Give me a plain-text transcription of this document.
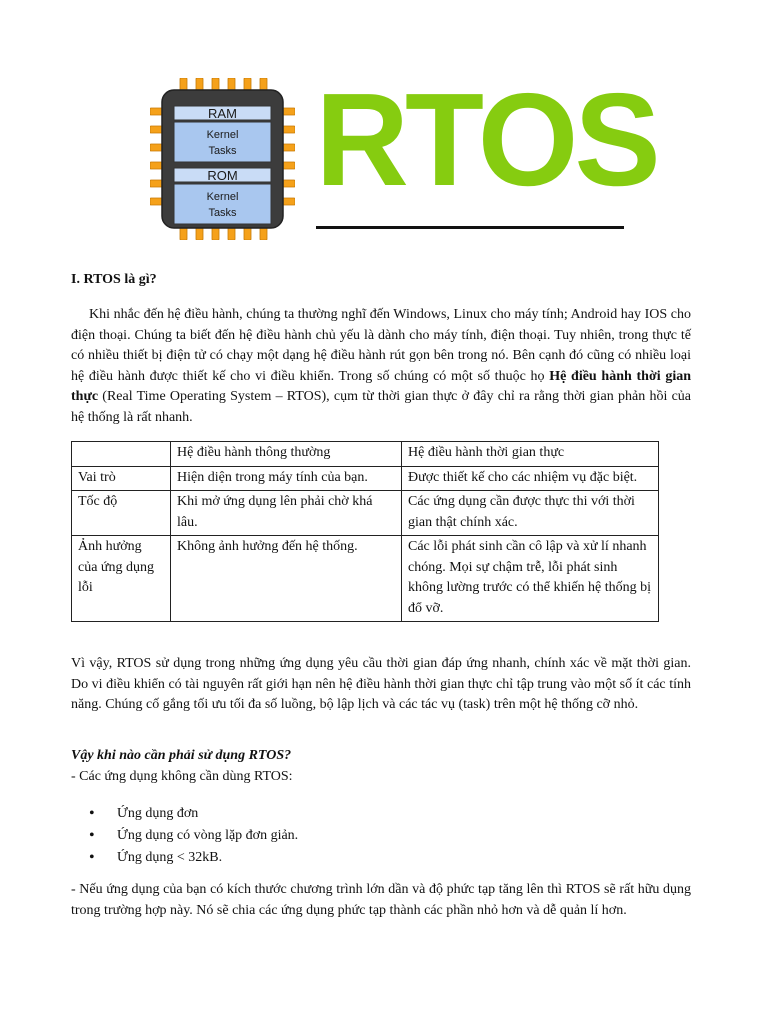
RAM
Kernel
Tasks
ROM
Kernel
Tasks RTOS
I. RTOS là gì?
Khi nhắc đến hệ điều hành, chúng ta thường nghĩ đến Windows, Linux cho máy tính; Android hay IOS cho điện thoại. Chúng ta biết đến hệ điều hành chủ yếu là dành cho máy tính, điện thoại. Tuy nhiên, trong thực tế có nhiều thiết bị điện tử có chạy một dạng hệ điều hành rút gọn bên trong nó. Bên cạnh đó cũng có nhiều loại hệ điều hành được thiết kế cho vi điều khiển. Trong số chúng có một số thuộc họ Hệ điều hành thời gian thực (Real Time Operating System – RTOS), cụm từ thời gian thực ở đây chỉ ra rằng thời gian phản hồi của hệ thống là rất nhanh.
	Hệ điều hành thông thường	Hệ điều hành thời gian thực
Vai trò	Hiện diện trong máy tính của bạn.	Được thiết kế cho các nhiệm vụ đặc biệt.
Tốc độ	Khi mở ứng dụng lên phải chờ khá lâu.	Các ứng dụng cần được thực thi với thời gian thật chính xác.
Ảnh hưởng của ứng dụng lỗi	Không ảnh hưởng đến hệ thống.	Các lỗi phát sinh cần cô lập và xử lí nhanh chóng. Mọi sự chậm trễ, lỗi phát sinh không lường trước có thể khiến hệ thống bị đổ vỡ.
Vì vậy, RTOS sử dụng trong những ứng dụng yêu cầu thời gian đáp ứng nhanh, chính xác về mặt thời gian. Do vi điều khiển có tài nguyên rất giới hạn nên hệ điều hành thời gian thực chỉ tập trung vào một số ít các tính năng. Chúng cố gắng tối ưu tối đa số luồng, bộ lập lịch và các tác vụ (task) trên một hệ thống cỡ nhỏ.
Vậy khi nào cần phải sử dụng RTOS?
- Các ứng dụng không cần dùng RTOS:
• Ứng dụng đơn
• Ứng dụng có vòng lặp đơn giản.
• Ứng dụng < 32kB.
- Nếu ứng dụng của bạn có kích thước chương trình lớn dần và độ phức tạp tăng lên thì RTOS sẽ rất hữu dụng trong trường hợp này. Nó sẽ chia các ứng dụng phức tạp thành các phần nhỏ hơn và dễ quản lí hơn.
